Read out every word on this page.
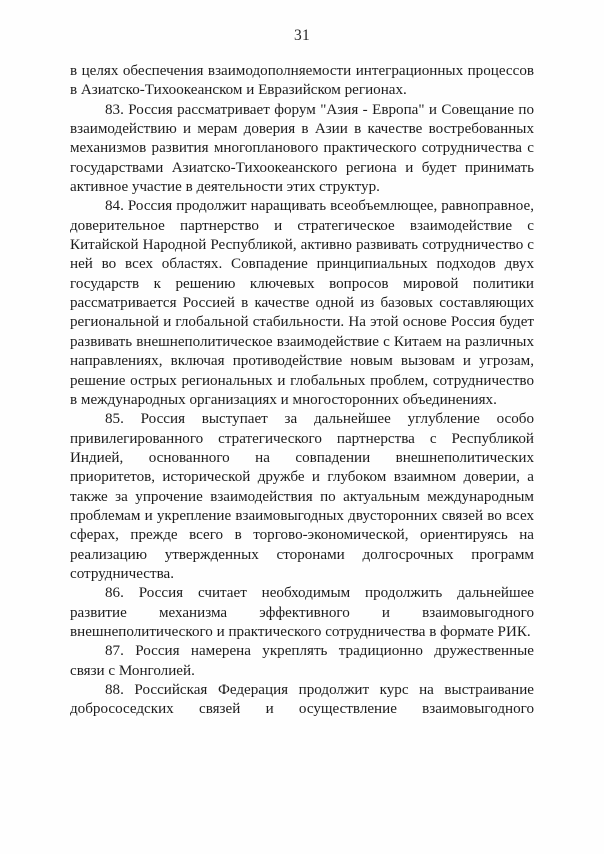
31

в целях обеспечения взаимодополняемости интеграционных процессов в Азиатско-Тихоокеанском и Евразийском регионах.

83. Россия рассматривает форум "Азия - Европа" и Совещание по взаимодействию и мерам доверия в Азии в качестве востребованных механизмов развития многопланового практического сотрудничества с государствами Азиатско-Тихоокеанского региона и будет принимать активное участие в деятельности этих структур.

84. Россия продолжит наращивать всеобъемлющее, равноправное, доверительное партнерство и стратегическое взаимодействие с Китайской Народной Республикой, активно развивать сотрудничество с ней во всех областях. Совпадение принципиальных подходов двух государств к решению ключевых вопросов мировой политики рассматривается Россией в качестве одной из базовых составляющих региональной и глобальной стабильности. На этой основе Россия будет развивать внешнеполитическое взаимодействие с Китаем на различных направлениях, включая противодействие новым вызовам и угрозам, решение острых региональных и глобальных проблем, сотрудничество в международных организациях и многосторонних объединениях.

85. Россия выступает за дальнейшее углубление особо привилегированного стратегического партнерства с Республикой Индией, основанного на совпадении внешнеполитических приоритетов, исторической дружбе и глубоком взаимном доверии, а также за упрочение взаимодействия по актуальным международным проблемам и укрепление взаимовыгодных двусторонних связей во всех сферах, прежде всего в торгово-экономической, ориентируясь на реализацию утвержденных сторонами долгосрочных программ сотрудничества.

86. Россия считает необходимым продолжить дальнейшее развитие механизма эффективного и взаимовыгодного внешнеполитического и практического сотрудничества в формате РИК.

87. Россия намерена укреплять традиционно дружественные связи с Монголией.

88. Российская Федерация продолжит курс на выстраивание добрососедских связей и осуществление взаимовыгодного
